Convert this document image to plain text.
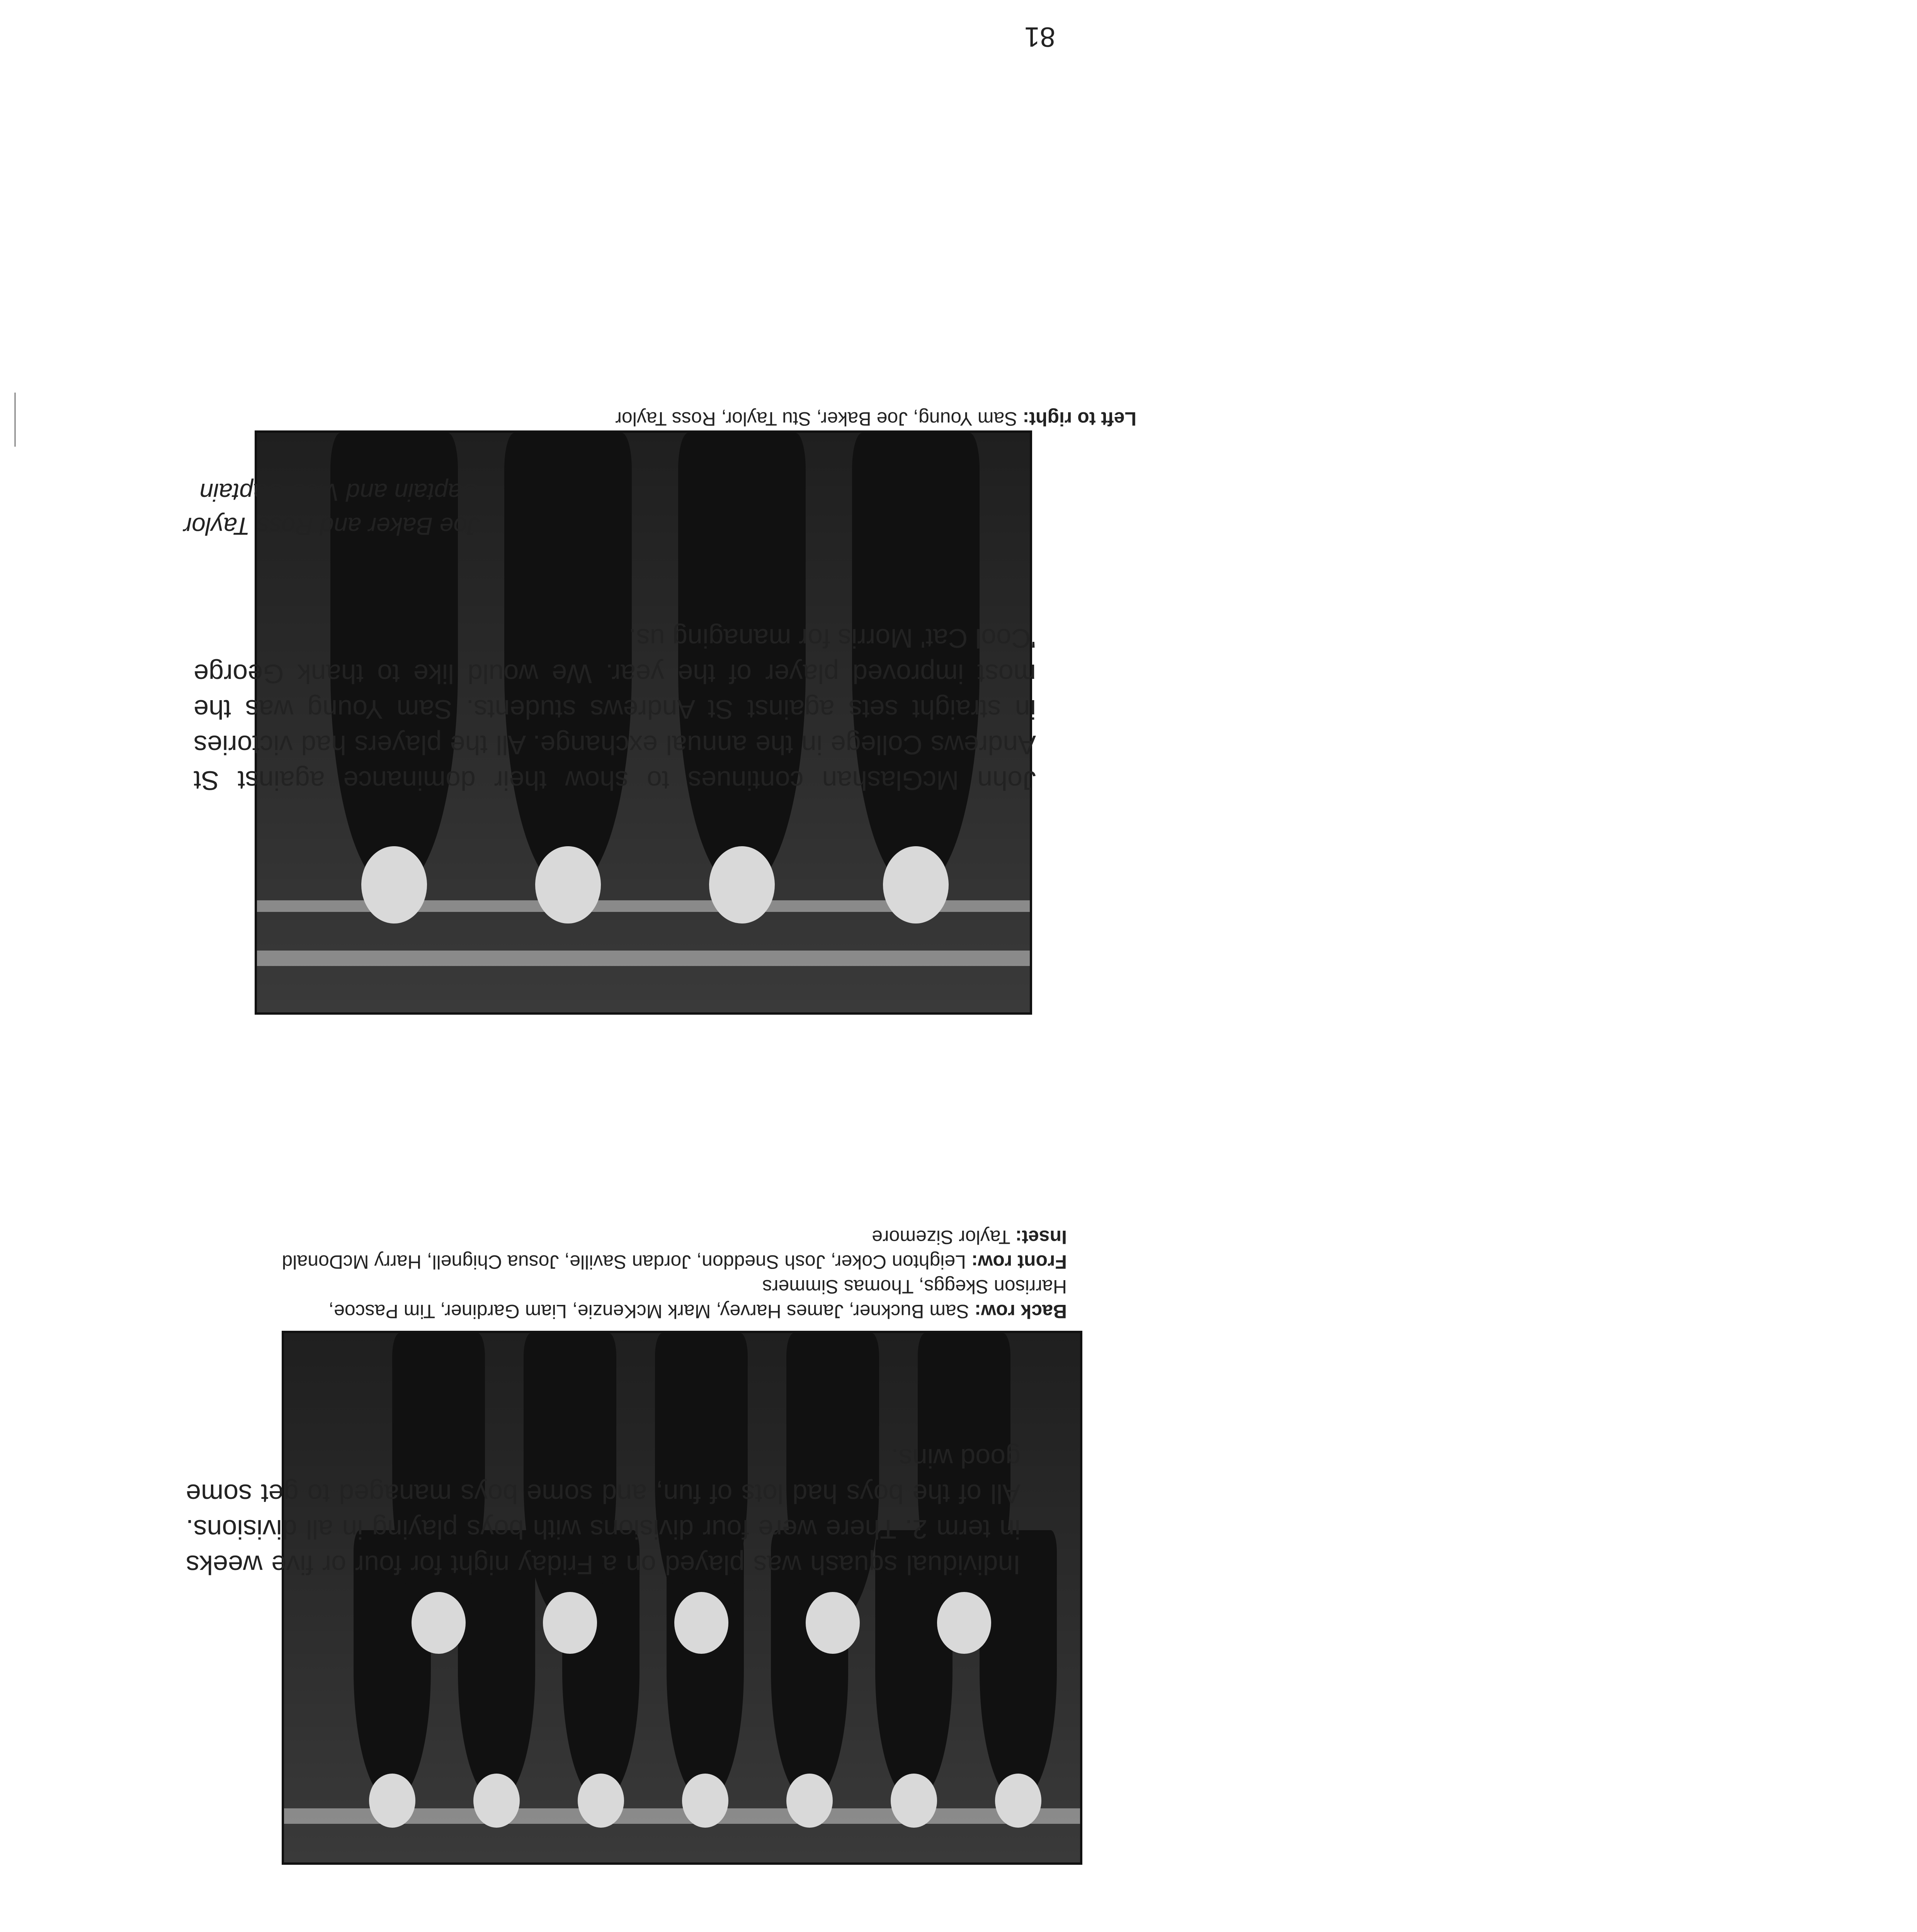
Left to right: Sam Young, Joe Baker, Stu Taylor, Ross Taylor
Joe Baker and Ross Taylor
Captain and Vice Captain
John McGlashan continues to show their dominance against St Andrews College in the annual exchange. All the players had victories in straight sets against St Andrews students. Sam Young was the most improved player of the year. We would like to thank George 'Cool Cat' Morris for managing us.
Back row: Sam Buckner, James Harvey, Mark McKenzie, Liam Gardiner, Tim Pascoe, Harrison Skeggs, Thomas Simmers
Front row: Leighton Coker, Josh Sneddon, Jordan Saville, Josua Chignell, Harry McDonald
Inset: Taylor Sizemore
Individual squash was played on a Friday night for four or five weeks in term 2. There were four divisions with boys playing in all divisions. All of the boys had lots of fun, and some boys managed to get some good wins.
81
